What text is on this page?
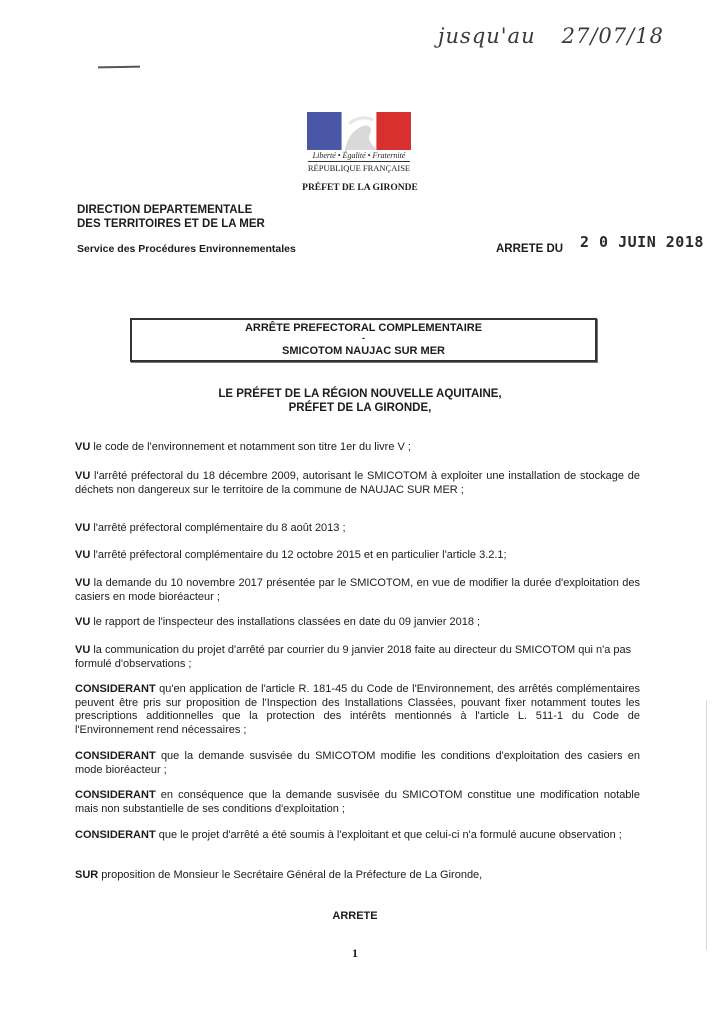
jusqu'au 27/07/18
Liberté • Égalité • Fraternité
RÉPUBLIQUE FRANÇAISE
PRÉFET DE LA GIRONDE
DIRECTION DEPARTEMENTALE
DES TERRITOIRES ET DE LA MER
Service des Procédures Environnementales	ARRETE DU 2 0 JUIN 2018
ARRÊTE PREFECTORAL COMPLEMENTAIRE
-
SMICOTOM NAUJAC SUR MER
LE PRÉFET DE LA RÉGION NOUVELLE AQUITAINE,
PRÉFET DE LA GIRONDE,
VU le code de l'environnement et notamment son titre 1er du livre V ;
VU l'arrêté préfectoral du 18 décembre 2009, autorisant le SMICOTOM à exploiter une installation de stockage de déchets non dangereux sur le territoire de la commune de NAUJAC SUR MER ;
VU l'arrêté préfectoral complémentaire du 8 août 2013 ;
VU l'arrêté préfectoral complémentaire du 12 octobre 2015 et en particulier l'article 3.2.1;
VU la demande du 10 novembre 2017 présentée par le SMICOTOM, en vue de modifier la durée d'exploitation des casiers en mode bioréacteur ;
VU le rapport de l'inspecteur des installations classées en date du 09 janvier 2018 ;
VU la communication du projet d'arrêté par courrier du 9 janvier 2018 faite au directeur du SMICOTOM qui n'a pas formulé d'observations ;
CONSIDERANT qu'en application de l'article R. 181-45 du Code de l'Environnement, des arrêtés complémentaires peuvent être pris sur proposition de l'Inspection des Installations Classées, pouvant fixer notamment toutes les prescriptions additionnelles que la protection des intérêts mentionnés à l'article L. 511-1 du Code de l'Environnement rend nécessaires ;
CONSIDERANT que la demande susvisée du SMICOTOM modifie les conditions d'exploitation des casiers en mode bioréacteur ;
CONSIDERANT en conséquence que la demande susvisée du SMICOTOM constitue une modification notable mais non substantielle de ses conditions d'exploitation ;
CONSIDERANT que le projet d'arrêté a été soumis à l'exploitant et que celui-ci n'a formulé aucune observation ;
SUR proposition de Monsieur le Secrétaire Général de la Préfecture de La Gironde,
ARRETE
1
